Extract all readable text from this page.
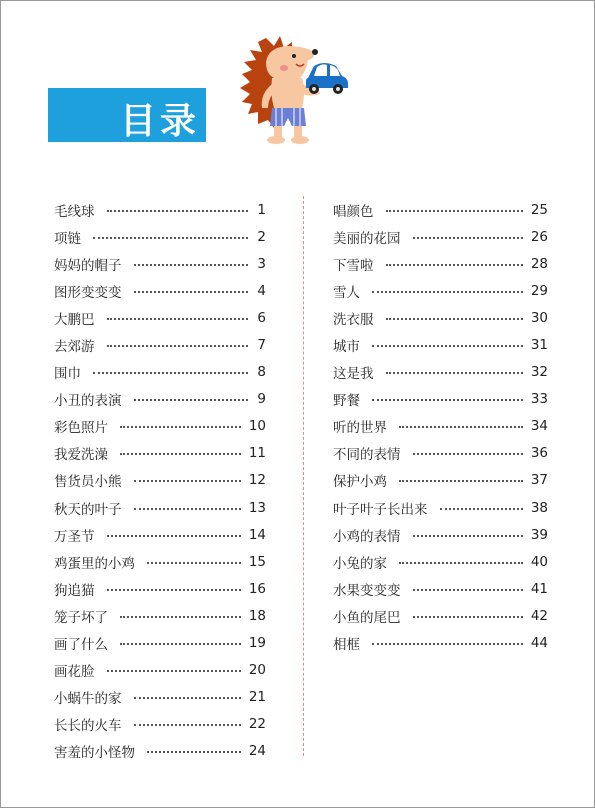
目录
毛线球	1
项链	2
妈妈的帽子	3
图形变变变	4
大鹏巴	6
去郊游	7
围巾	8
小丑的表演	9
彩色照片	10
我爱洗澡	11
售货员小熊	12
秋天的叶子	13
万圣节	14
鸡蛋里的小鸡	15
狗追猫	16
笼子坏了	18
画了什么	19
画花脸	20
小蜗牛的家	21
长长的火车	22
害羞的小怪物	24
唱颜色	25
美丽的花园	26
下雪啦	28
雪人	29
洗衣服	30
城市	31
这是我	32
野餐	33
听的世界	34
不同的表情	36
保护小鸡	37
叶子叶子长出来	38
小鸡的表情	39
小兔的家	40
水果变变变	41
小鱼的尾巴	42
相框	44
